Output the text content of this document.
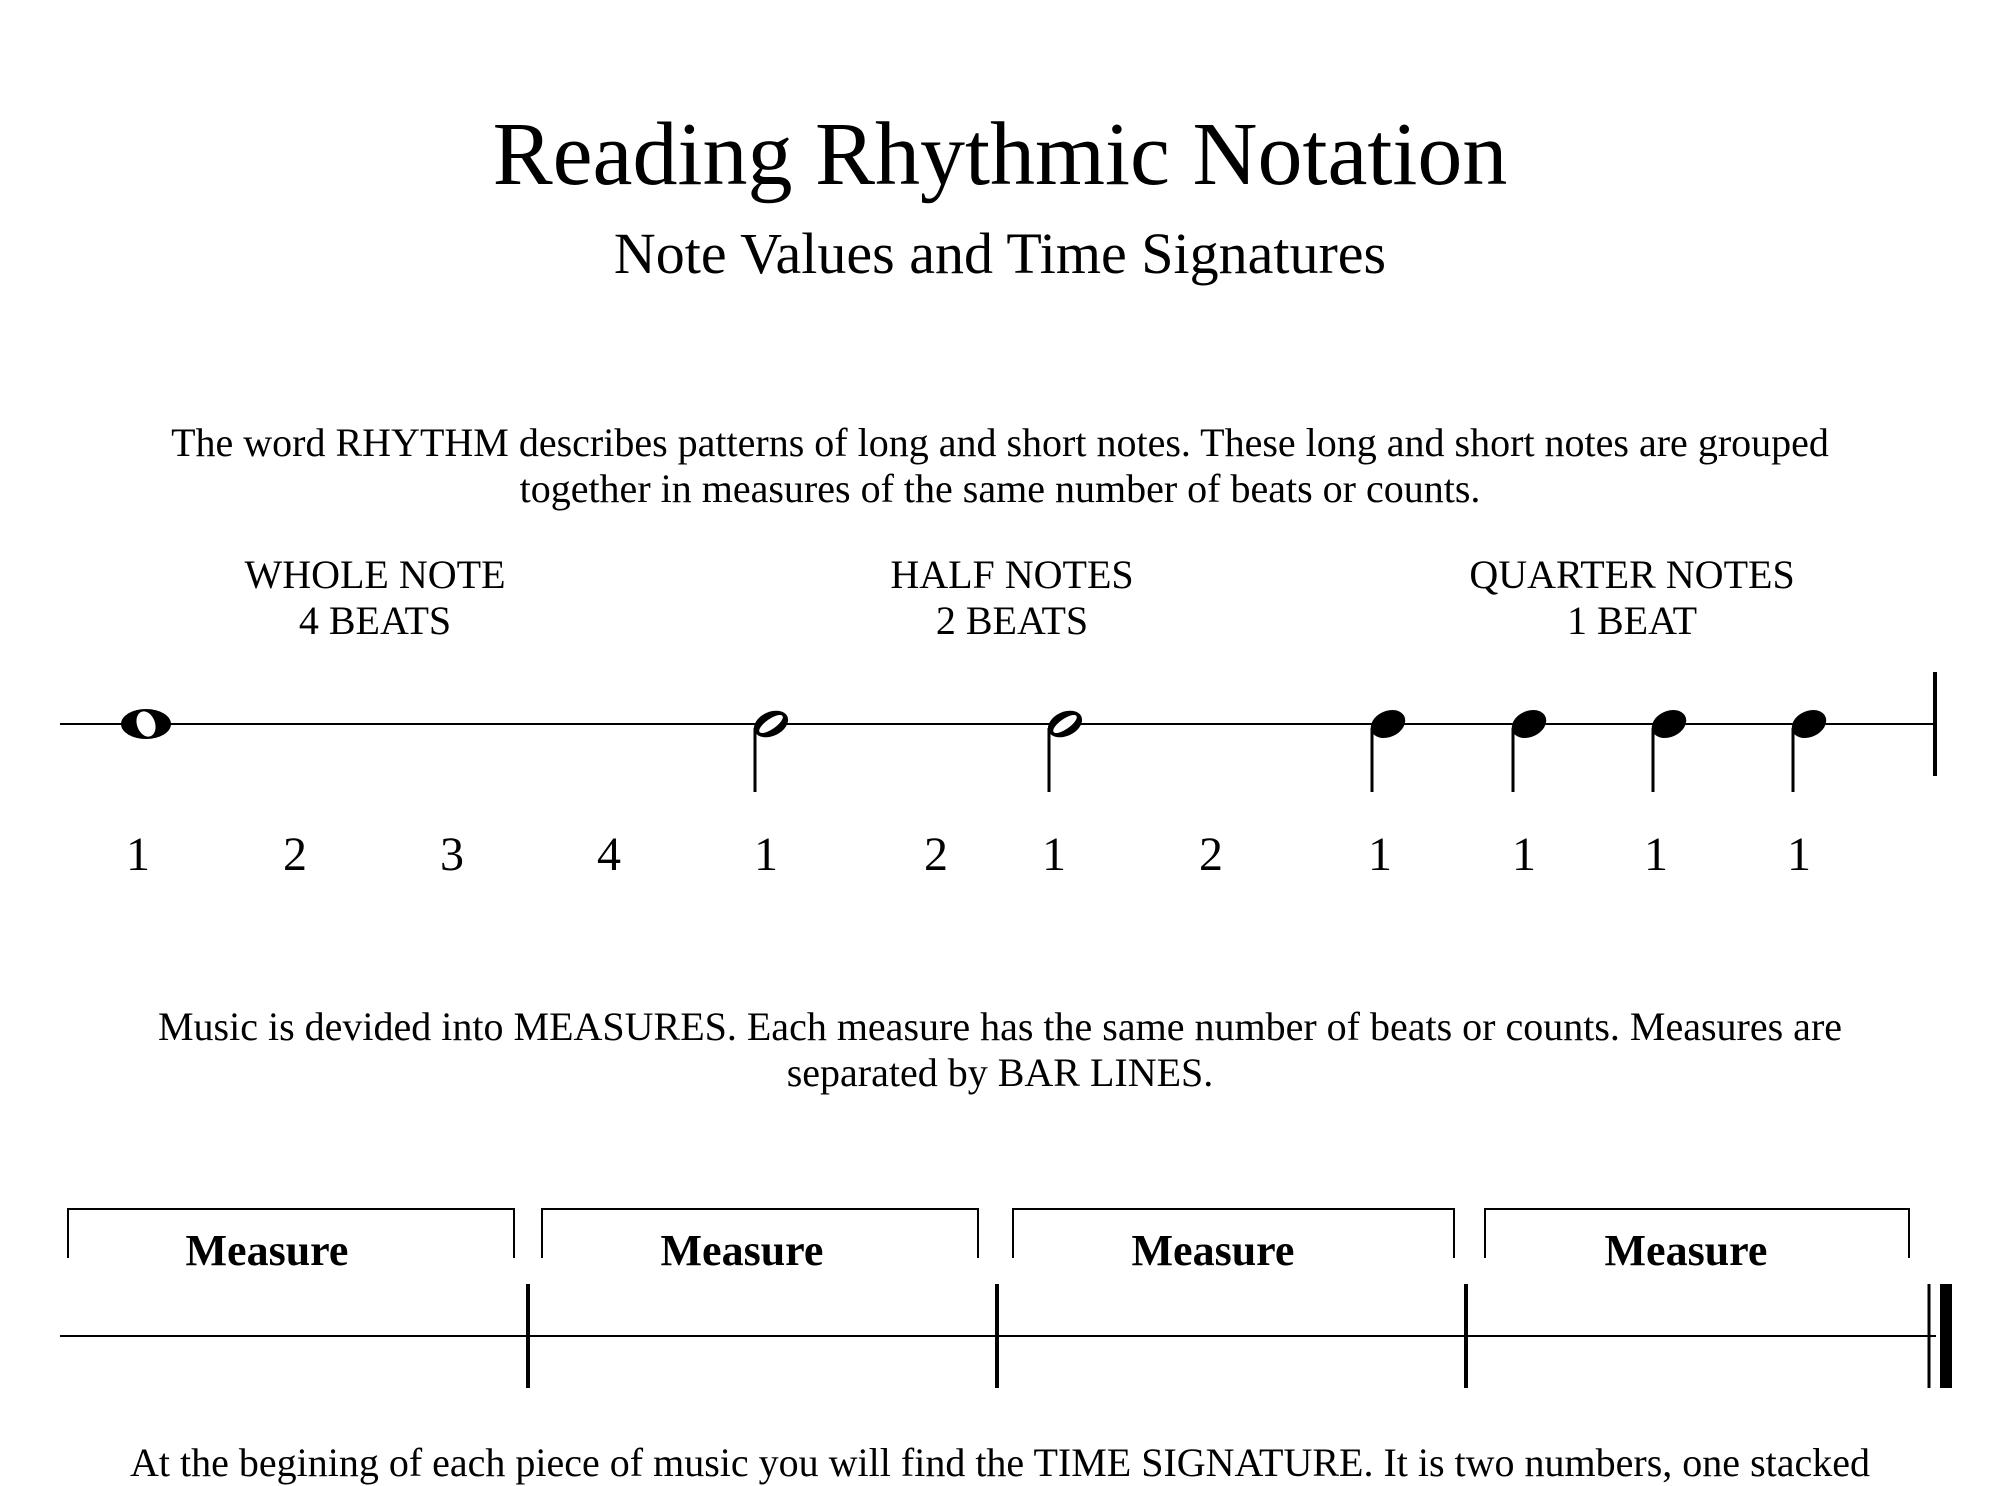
Reading Rhythmic Notation
Note Values and Time Signatures
The word RHYTHM describes patterns of long and short notes. These long and short notes are grouped
together in measures of the same number of beats or counts.
WHOLE NOTE
4 BEATS
HALF NOTES
2 BEATS
QUARTER NOTES
1 BEAT
1	2	3	4	1	2	1	2	1	1	1	1
Music is devided into MEASURES. Each measure has the same number of beats or counts. Measures are
separated by BAR LINES.
Measure	Measure	Measure	Measure
At the begining of each piece of music you will find the TIME SIGNATURE. It is two numbers, one stacked
